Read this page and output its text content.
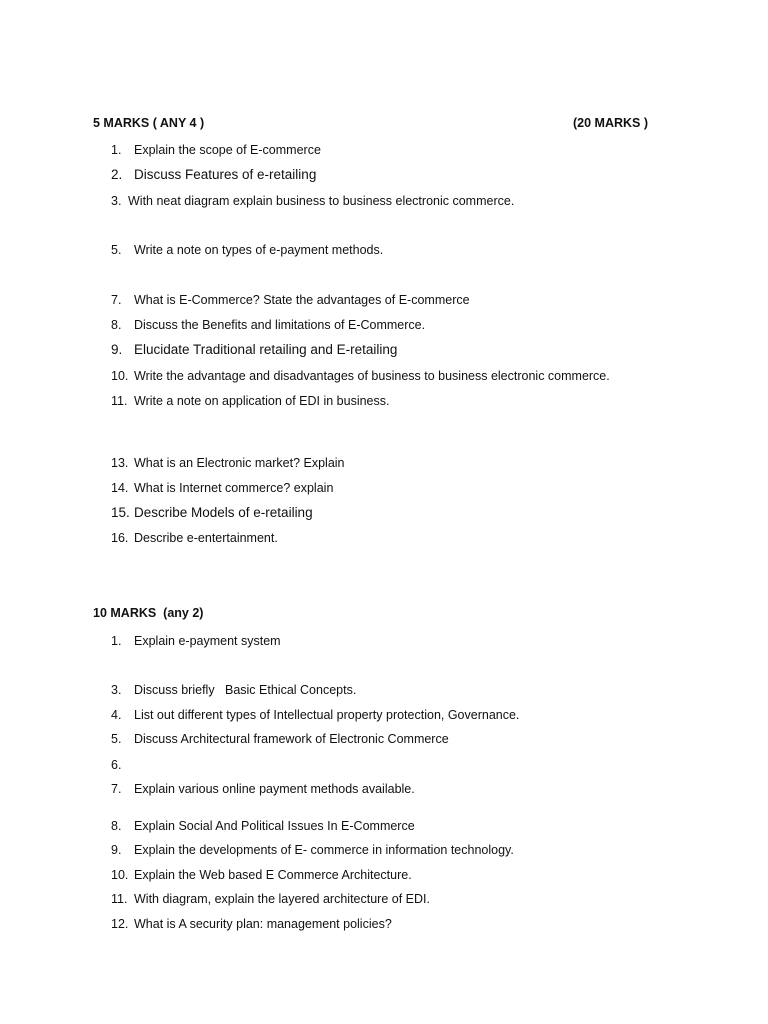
5 MARKS ( ANY 4 )	(20 MARKS )
1. Explain the scope of E-commerce
2. Discuss Features of e-retailing
3. With neat diagram explain business to business electronic commerce.
5. Write a note on types of e-payment methods.
7. What is E-Commerce? State the advantages of E-commerce
8. Discuss the Benefits and limitations of E-Commerce.
9. Elucidate Traditional retailing and E-retailing
10. Write the advantage and disadvantages of business to business electronic commerce.
11. Write a note on application of EDI in business.
13. What is an Electronic market? Explain
14. What is Internet commerce? explain
15. Describe Models of e-retailing
16. Describe e-entertainment.
10 MARKS  (any 2)
1. Explain e-payment system
3. Discuss briefly   Basic Ethical Concepts.
4. List out different types of Intellectual property protection, Governance.
5. Discuss Architectural framework of Electronic Commerce
6.
7. Explain various online payment methods available.
8. Explain Social And Political Issues In E-Commerce
9. Explain the developments of E- commerce in information technology.
10. Explain the Web based E Commerce Architecture.
11. With diagram, explain the layered architecture of EDI.
12. What is A security plan: management policies?
